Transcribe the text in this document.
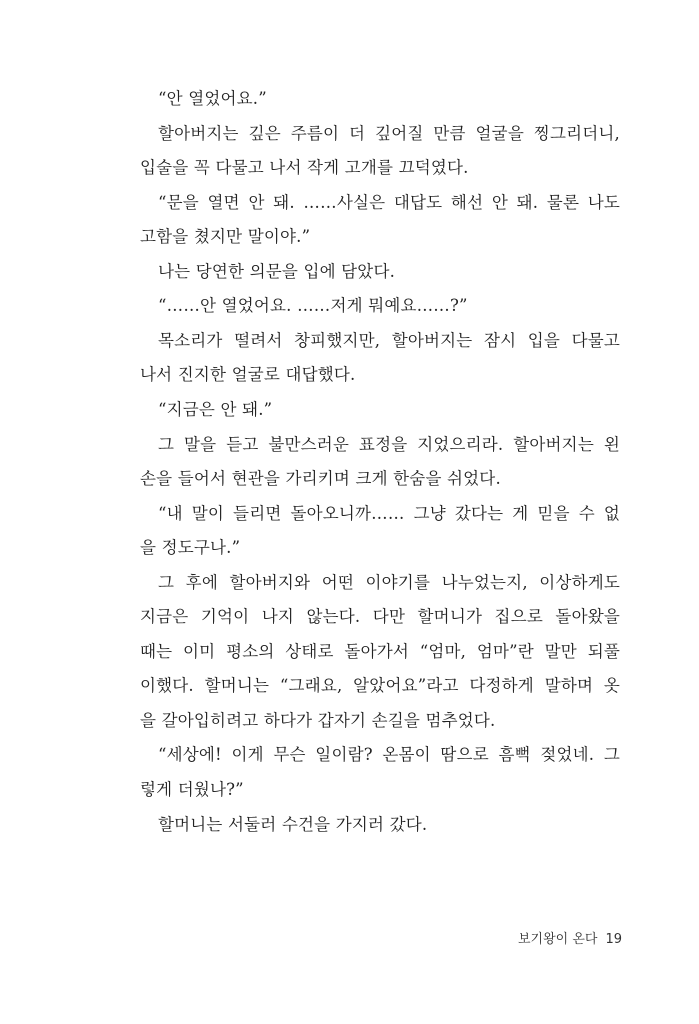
“안 열었어요.”
할아버지는 깊은 주름이 더 깊어질 만큼 얼굴을 찡그리더니,
입술을 꼭 다물고 나서 작게 고개를 끄덕였다.
“문을 열면 안 돼. ……사실은 대답도 해선 안 돼. 물론 나도
고함을 쳤지만 말이야.”
나는 당연한 의문을 입에 담았다.
“……안 열었어요. ……저게 뭐예요……?”
목소리가 떨려서 창피했지만, 할아버지는 잠시 입을 다물고
나서 진지한 얼굴로 대답했다.
“지금은 안 돼.”
그 말을 듣고 불만스러운 표정을 지었으리라. 할아버지는 왼
손을 들어서 현관을 가리키며 크게 한숨을 쉬었다.
“내 말이 들리면 돌아오니까…… 그냥 갔다는 게 믿을 수 없
을 정도구나.”
그 후에 할아버지와 어떤 이야기를 나누었는지, 이상하게도
지금은 기억이 나지 않는다. 다만 할머니가 집으로 돌아왔을
때는 이미 평소의 상태로 돌아가서 “엄마, 엄마”란 말만 되풀
이했다. 할머니는 “그래요, 알았어요”라고 다정하게 말하며 옷
을 갈아입히려고 하다가 갑자기 손길을 멈추었다.
“세상에! 이게 무슨 일이람? 온몸이 땀으로 흠뻑 젖었네. 그
렇게 더웠나?”
할머니는 서둘러 수건을 가지러 갔다.
보기왕이 온다 19
